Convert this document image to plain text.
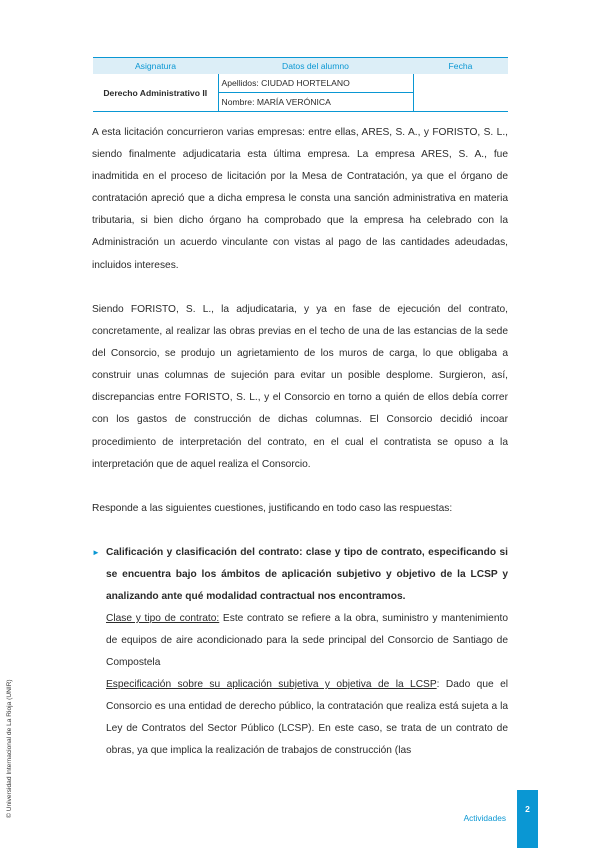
Asignatura	Datos del alumno	Fecha
Derecho Administrativo II	Apellidos: CIUDAD HORTELANO	
	Nombre: MARÍA VERÓNICA	

A esta licitación concurrieron varias empresas: entre ellas, ARES, S. A., y FORISTO, S. L., siendo finalmente adjudicataria esta última empresa. La empresa ARES, S. A., fue inadmitida en el proceso de licitación por la Mesa de Contratación, ya que el órgano de contratación apreció que a dicha empresa le consta una sanción administrativa en materia tributaria, si bien dicho órgano ha comprobado que la empresa ha celebrado con la Administración un acuerdo vinculante con vistas al pago de las cantidades adeudadas, incluidos intereses.

Siendo FORISTO, S. L., la adjudicataria, y ya en fase de ejecución del contrato, concretamente, al realizar las obras previas en el techo de una de las estancias de la sede del Consorcio, se produjo un agrietamiento de los muros de carga, lo que obligaba a construir unas columnas de sujeción para evitar un posible desplome. Surgieron, así, discrepancias entre FORISTO, S. L., y el Consorcio en torno a quién de ellos debía correr con los gastos de construcción de dichas columnas. El Consorcio decidió incoar procedimiento de interpretación del contrato, en el cual el contratista se opuso a la interpretación que de aquel realiza el Consorcio.

Responde a las siguientes cuestiones, justificando en todo caso las respuestas:

► Calificación y clasificación del contrato: clase y tipo de contrato, especificando si se encuentra bajo los ámbitos de aplicación subjetivo y objetivo de la LCSP y analizando ante qué modalidad contractual nos encontramos.

Clase y tipo de contrato: Este contrato se refiere a la obra, suministro y mantenimiento de equipos de aire acondicionado para la sede principal del Consorcio de Santiago de Compostela

Especificación sobre su aplicación subjetiva y objetiva de la LCSP: Dado que el Consorcio es una entidad de derecho público, la contratación que realiza está sujeta a la Ley de Contratos del Sector Público (LCSP). En este caso, se trata de un contrato de obras, ya que implica la realización de trabajos de construcción (las

© Universidad Internacional de La Rioja (UNIR)	Actividades
2
